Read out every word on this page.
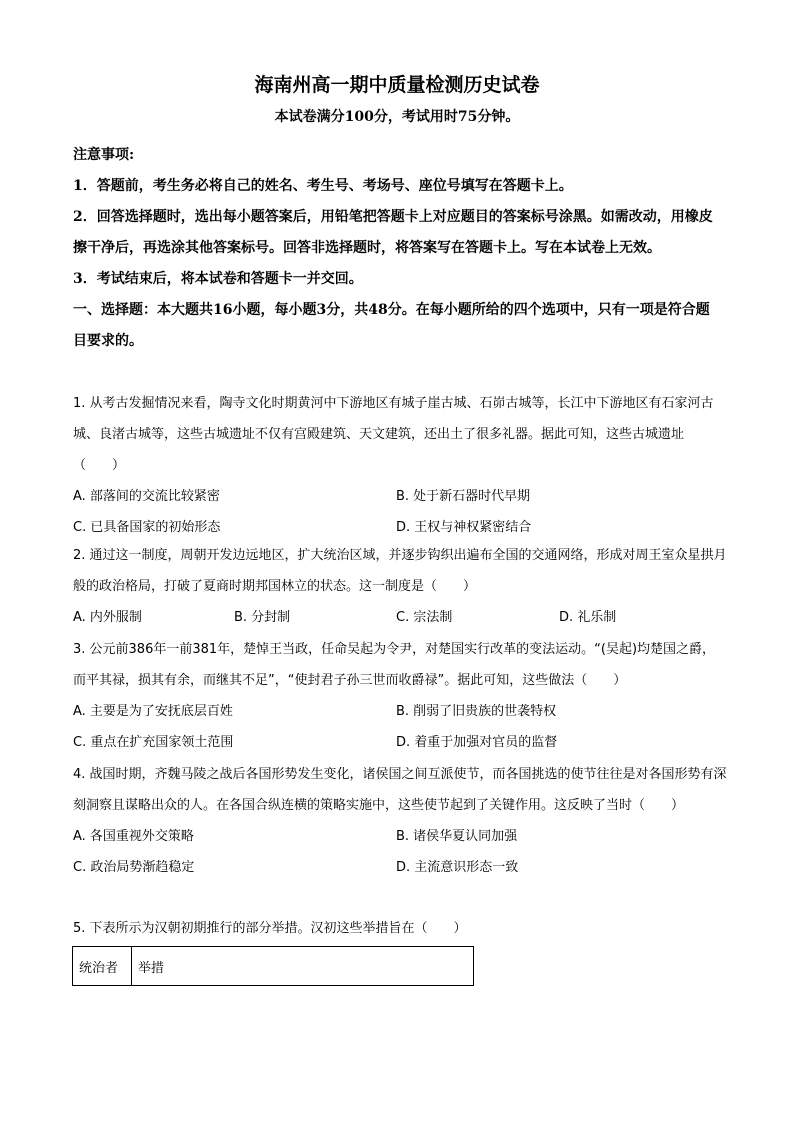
海南州高一期中质量检测历史试卷
本试卷满分100分，考试用时75分钟。

注意事项:

1．答题前，考生务必将自己的姓名、考生号、考场号、座位号填写在答题卡上。

2．回答选择题时，选出每小题答案后，用铅笔把答题卡上对应题目的答案标号涂黑。如需改动，用橡皮擦干净后，再选涂其他答案标号。回答非选择题时，将答案写在答题卡上。写在本试卷上无效。

3．考试结束后，将本试卷和答题卡一并交回。

一、选择题：本大题共16小题，每小题3分，共48分。在每小题所给的四个选项中，只有一项是符合题目要求的。

1. 从考古发掘情况来看，陶寺文化时期黄河中下游地区有城子崖古城、石峁古城等，长江中下游地区有石家河古城、良渚古城等，这些古城遗址不仅有宫殿建筑、天文建筑，还出土了很多礼器。据此可知，这些古城遗址（　　）

A. 部落间的交流比较紧密	B. 处于新石器时代早期
C. 已具备国家的初始形态	D. 王权与神权紧密结合

2. 通过这一制度，周朝开发边远地区，扩大统治区域，并逐步钩织出遍布全国的交通网络，形成对周王室众星拱月般的政治格局，打破了夏商时期邦国林立的状态。这一制度是（　　）

A. 内外服制	B. 分封制	C. 宗法制	D. 礼乐制

3. 公元前386年一前381年，楚悼王当政，任命吴起为令尹，对楚国实行改革的变法运动。“(吴起)均楚国之爵，而平其禄，损其有余，而继其不足”，“使封君子孙三世而收爵禄”。据此可知，这些做法（　　）

A. 主要是为了安抚底层百姓	B. 削弱了旧贵族的世袭特权
C. 重点在扩充国家领土范围	D. 着重于加强对官员的监督

4. 战国时期，齐魏马陵之战后各国形势发生变化，诸侯国之间互派使节，而各国挑选的使节往往是对各国形势有深刻洞察且谋略出众的人。在各国合纵连横的策略实施中，这些使节起到了关键作用。这反映了当时（　　）

A. 各国重视外交策略	B. 诸侯华夏认同加强
C. 政治局势渐趋稳定	D. 主流意识形态一致

5. 下表所示为汉朝初期推行的部分举措。汉初这些举措旨在（　　）

统治者	举措
